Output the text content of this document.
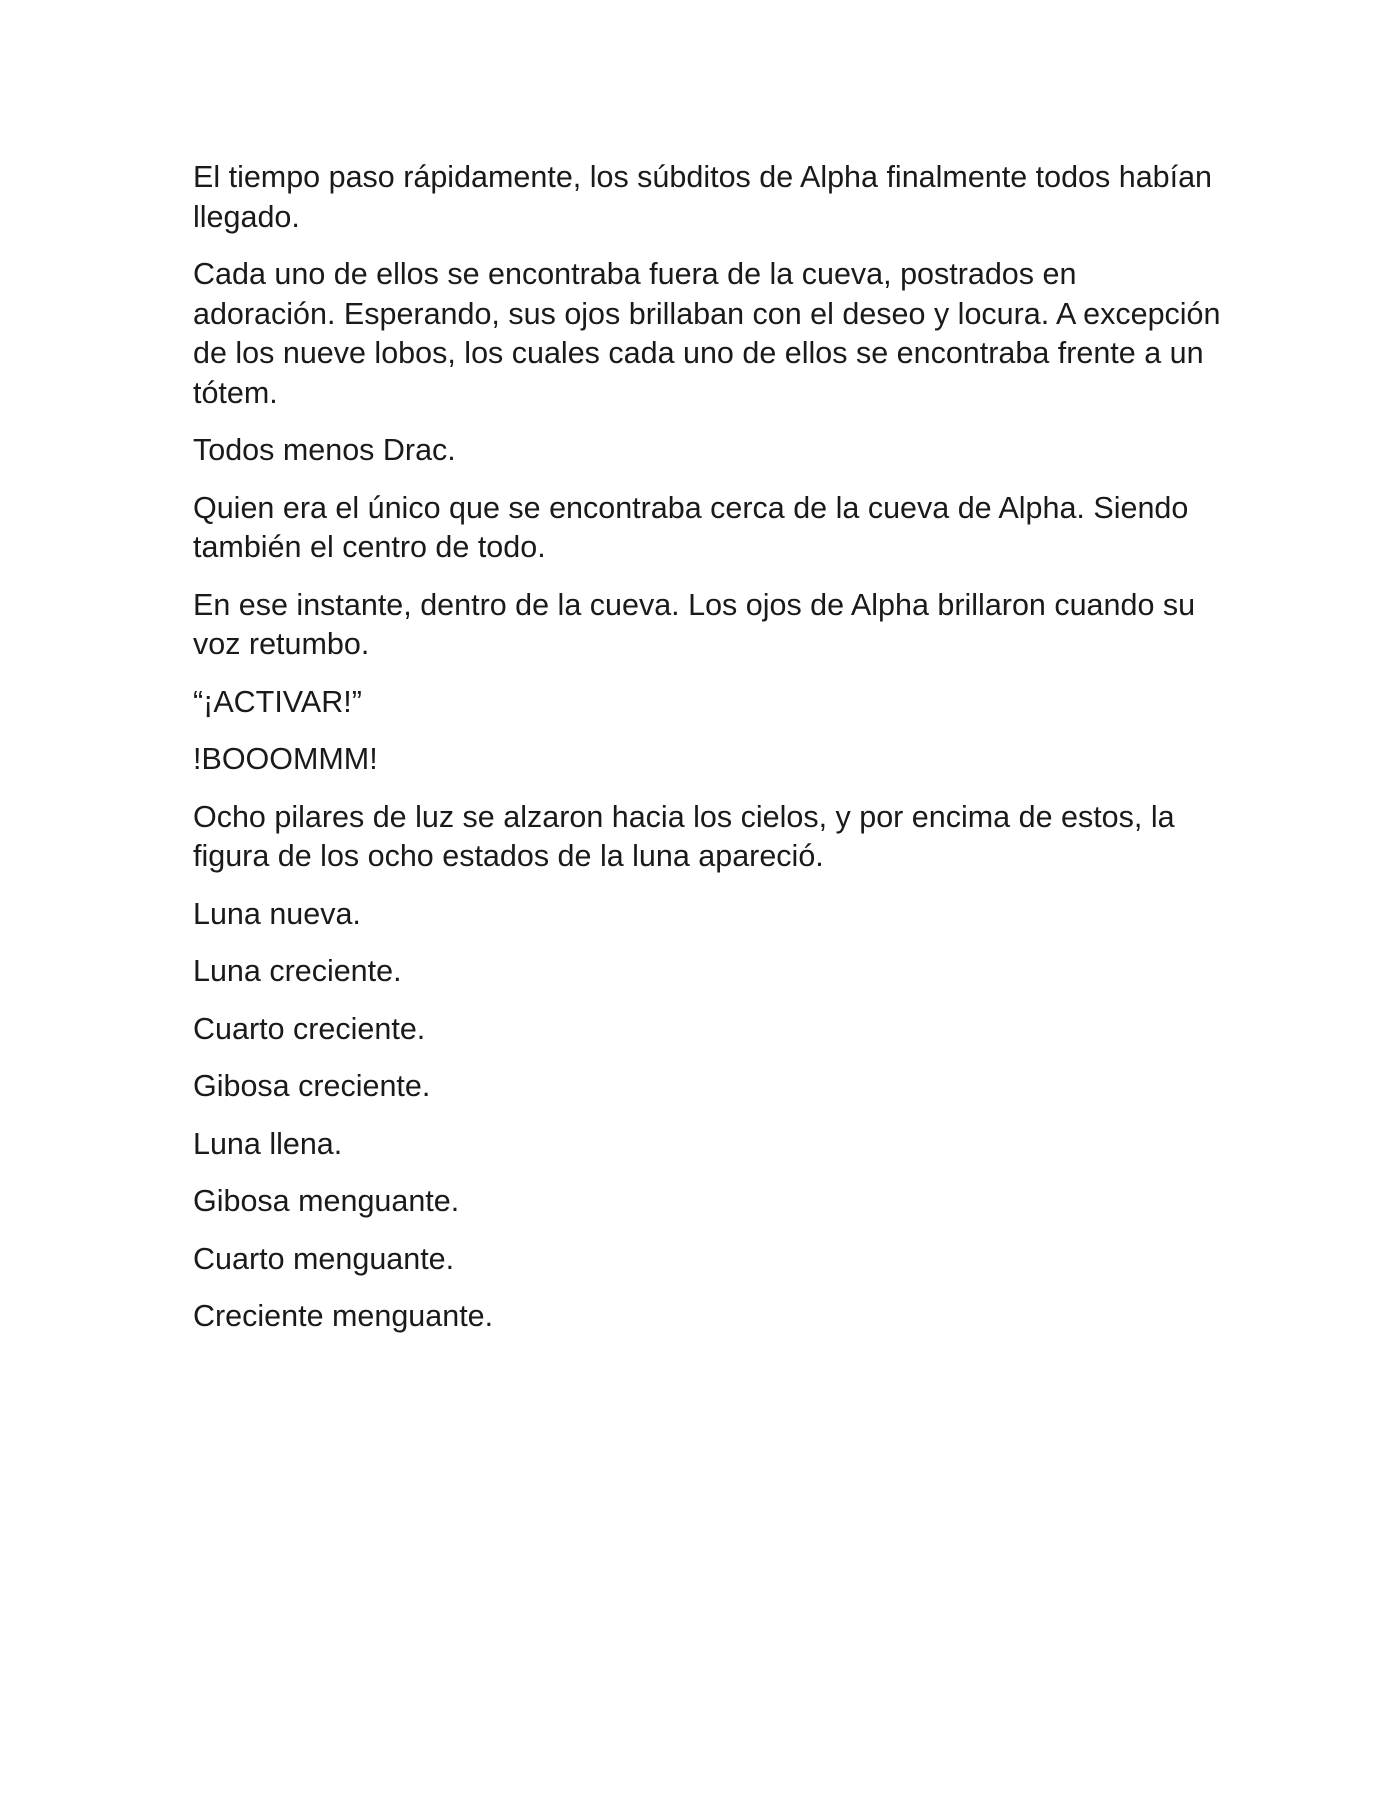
El tiempo paso rápidamente, los súbditos de Alpha finalmente todos habían llegado.

Cada uno de ellos se encontraba fuera de la cueva, postrados en adoración. Esperando, sus ojos brillaban con el deseo y locura. A excepción de los nueve lobos, los cuales cada uno de ellos se encontraba frente a un tótem.

Todos menos Drac.

Quien era el único que se encontraba cerca de la cueva de Alpha. Siendo también el centro de todo.

En ese instante, dentro de la cueva. Los ojos de Alpha brillaron cuando su voz retumbo.

“¡ACTIVAR!”

!BOOOMMM!

Ocho pilares de luz se alzaron hacia los cielos, y por encima de estos, la figura de los ocho estados de la luna apareció.

Luna nueva.

Luna creciente.

Cuarto creciente.

Gibosa creciente.

Luna llena.

Gibosa menguante.

Cuarto menguante.

Creciente menguante.
